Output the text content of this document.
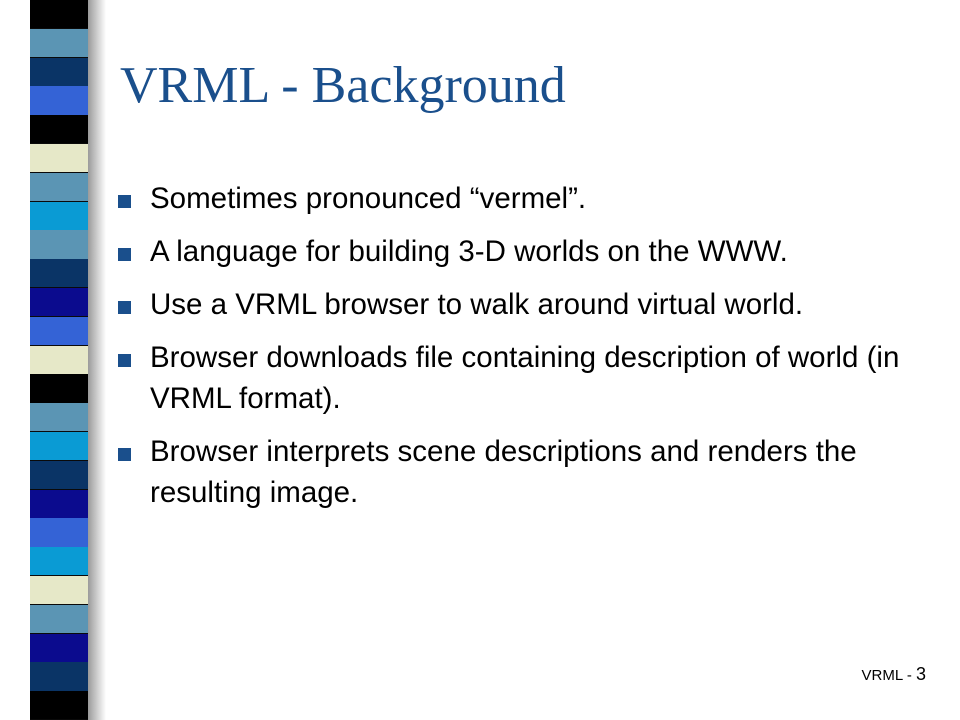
VRML - Background
Sometimes pronounced “vermel”.
A language for building 3-D worlds on the WWW.
Use a VRML browser to walk around virtual world.
Browser downloads file containing description of world (in VRML format).
Browser interprets scene descriptions and renders the resulting image.
VRML - 3
